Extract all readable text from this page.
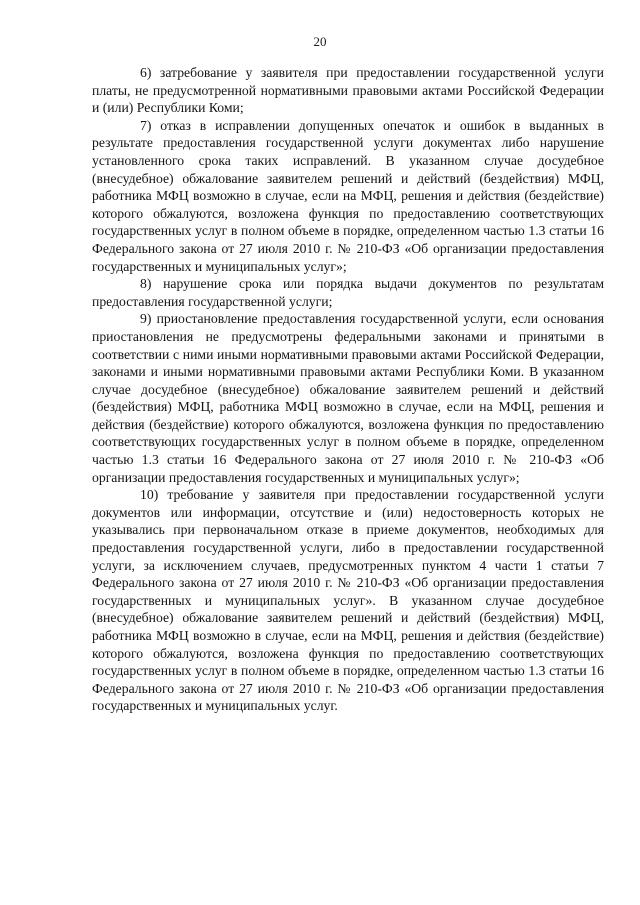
20

6) затребование у заявителя при предоставлении государственной услуги платы, не предусмотренной нормативными правовыми актами Российской Федерации и (или) Республики Коми;

7) отказ в исправлении допущенных опечаток и ошибок в выданных в результате предоставления государственной услуги документах либо нарушение установленного срока таких исправлений. В указанном случае досудебное (внесудебное) обжалование заявителем решений и действий (бездействия) МФЦ, работника МФЦ возможно в случае, если на МФЦ, решения и действия (бездействие) которого обжалуются, возложена функция по предоставлению соответствующих государственных услуг в полном объеме в порядке, определенном частью 1.3 статьи 16 Федерального закона от 27 июля 2010 г. № 210-ФЗ «Об организации предоставления государственных и муниципальных услуг»;

8) нарушение срока или порядка выдачи документов по результатам предоставления государственной услуги;

9) приостановление предоставления государственной услуги, если основания приостановления не предусмотрены федеральными законами и принятыми в соответствии с ними иными нормативными правовыми актами Российской Федерации, законами и иными нормативными правовыми актами Республики Коми. В указанном случае досудебное (внесудебное) обжалование заявителем решений и действий (бездействия) МФЦ, работника МФЦ возможно в случае, если на МФЦ, решения и действия (бездействие) которого обжалуются, возложена функция по предоставлению соответствующих государственных услуг в полном объеме в порядке, определенном частью 1.3 статьи 16 Федерального закона от 27 июля 2010 г. № 210-ФЗ «Об организации предоставления государственных и муниципальных услуг»;

10) требование у заявителя при предоставлении государственной услуги документов или информации, отсутствие и (или) недостоверность которых не указывались при первоначальном отказе в приеме документов, необходимых для предоставления государственной услуги, либо в предоставлении государственной услуги, за исключением случаев, предусмотренных пунктом 4 части 1 статьи 7 Федерального закона от 27 июля 2010 г. № 210-ФЗ «Об организации предоставления государственных и муниципальных услуг». В указанном случае досудебное (внесудебное) обжалование заявителем решений и действий (бездействия) МФЦ, работника МФЦ возможно в случае, если на МФЦ, решения и действия (бездействие) которого обжалуются, возложена функция по предоставлению соответствующих государственных услуг в полном объеме в порядке, определенном частью 1.3 статьи 16 Федерального закона от 27 июля 2010 г. № 210-ФЗ «Об организации предоставления государственных и муниципальных услуг.
